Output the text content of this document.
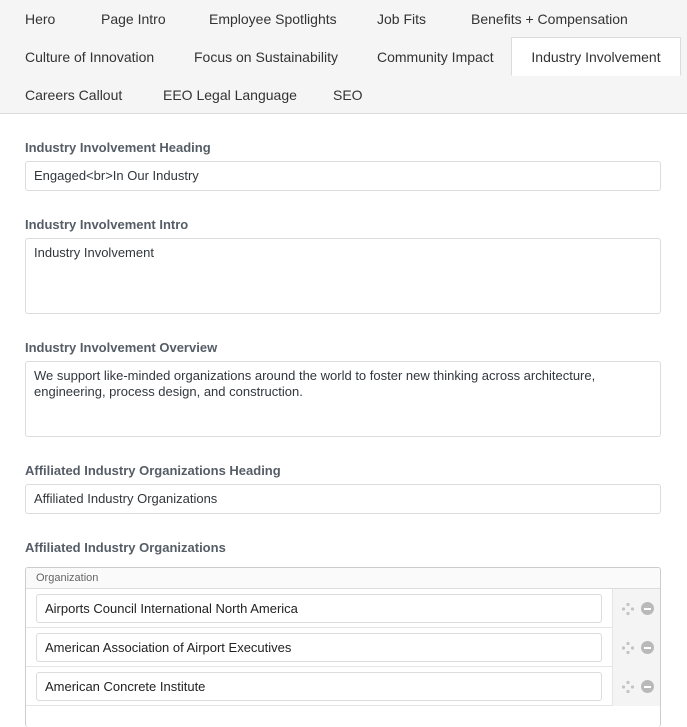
Hero	Page Intro	Employee Spotlights	Job Fits	Benefits + Compensation
Culture of Innovation	Focus on Sustainability	Community Impact	Industry Involvement
Careers Callout	EEO Legal Language	SEO
Industry Involvement Heading
Engaged<br>In Our Industry
Industry Involvement Intro
Industry Involvement
Industry Involvement Overview
We support like-minded organizations around the world to foster new thinking across architecture, engineering, process design, and construction.
Affiliated Industry Organizations Heading
Affiliated Industry Organizations
Affiliated Industry Organizations
Organization
Airports Council International North America
American Association of Airport Executives
American Concrete Institute
